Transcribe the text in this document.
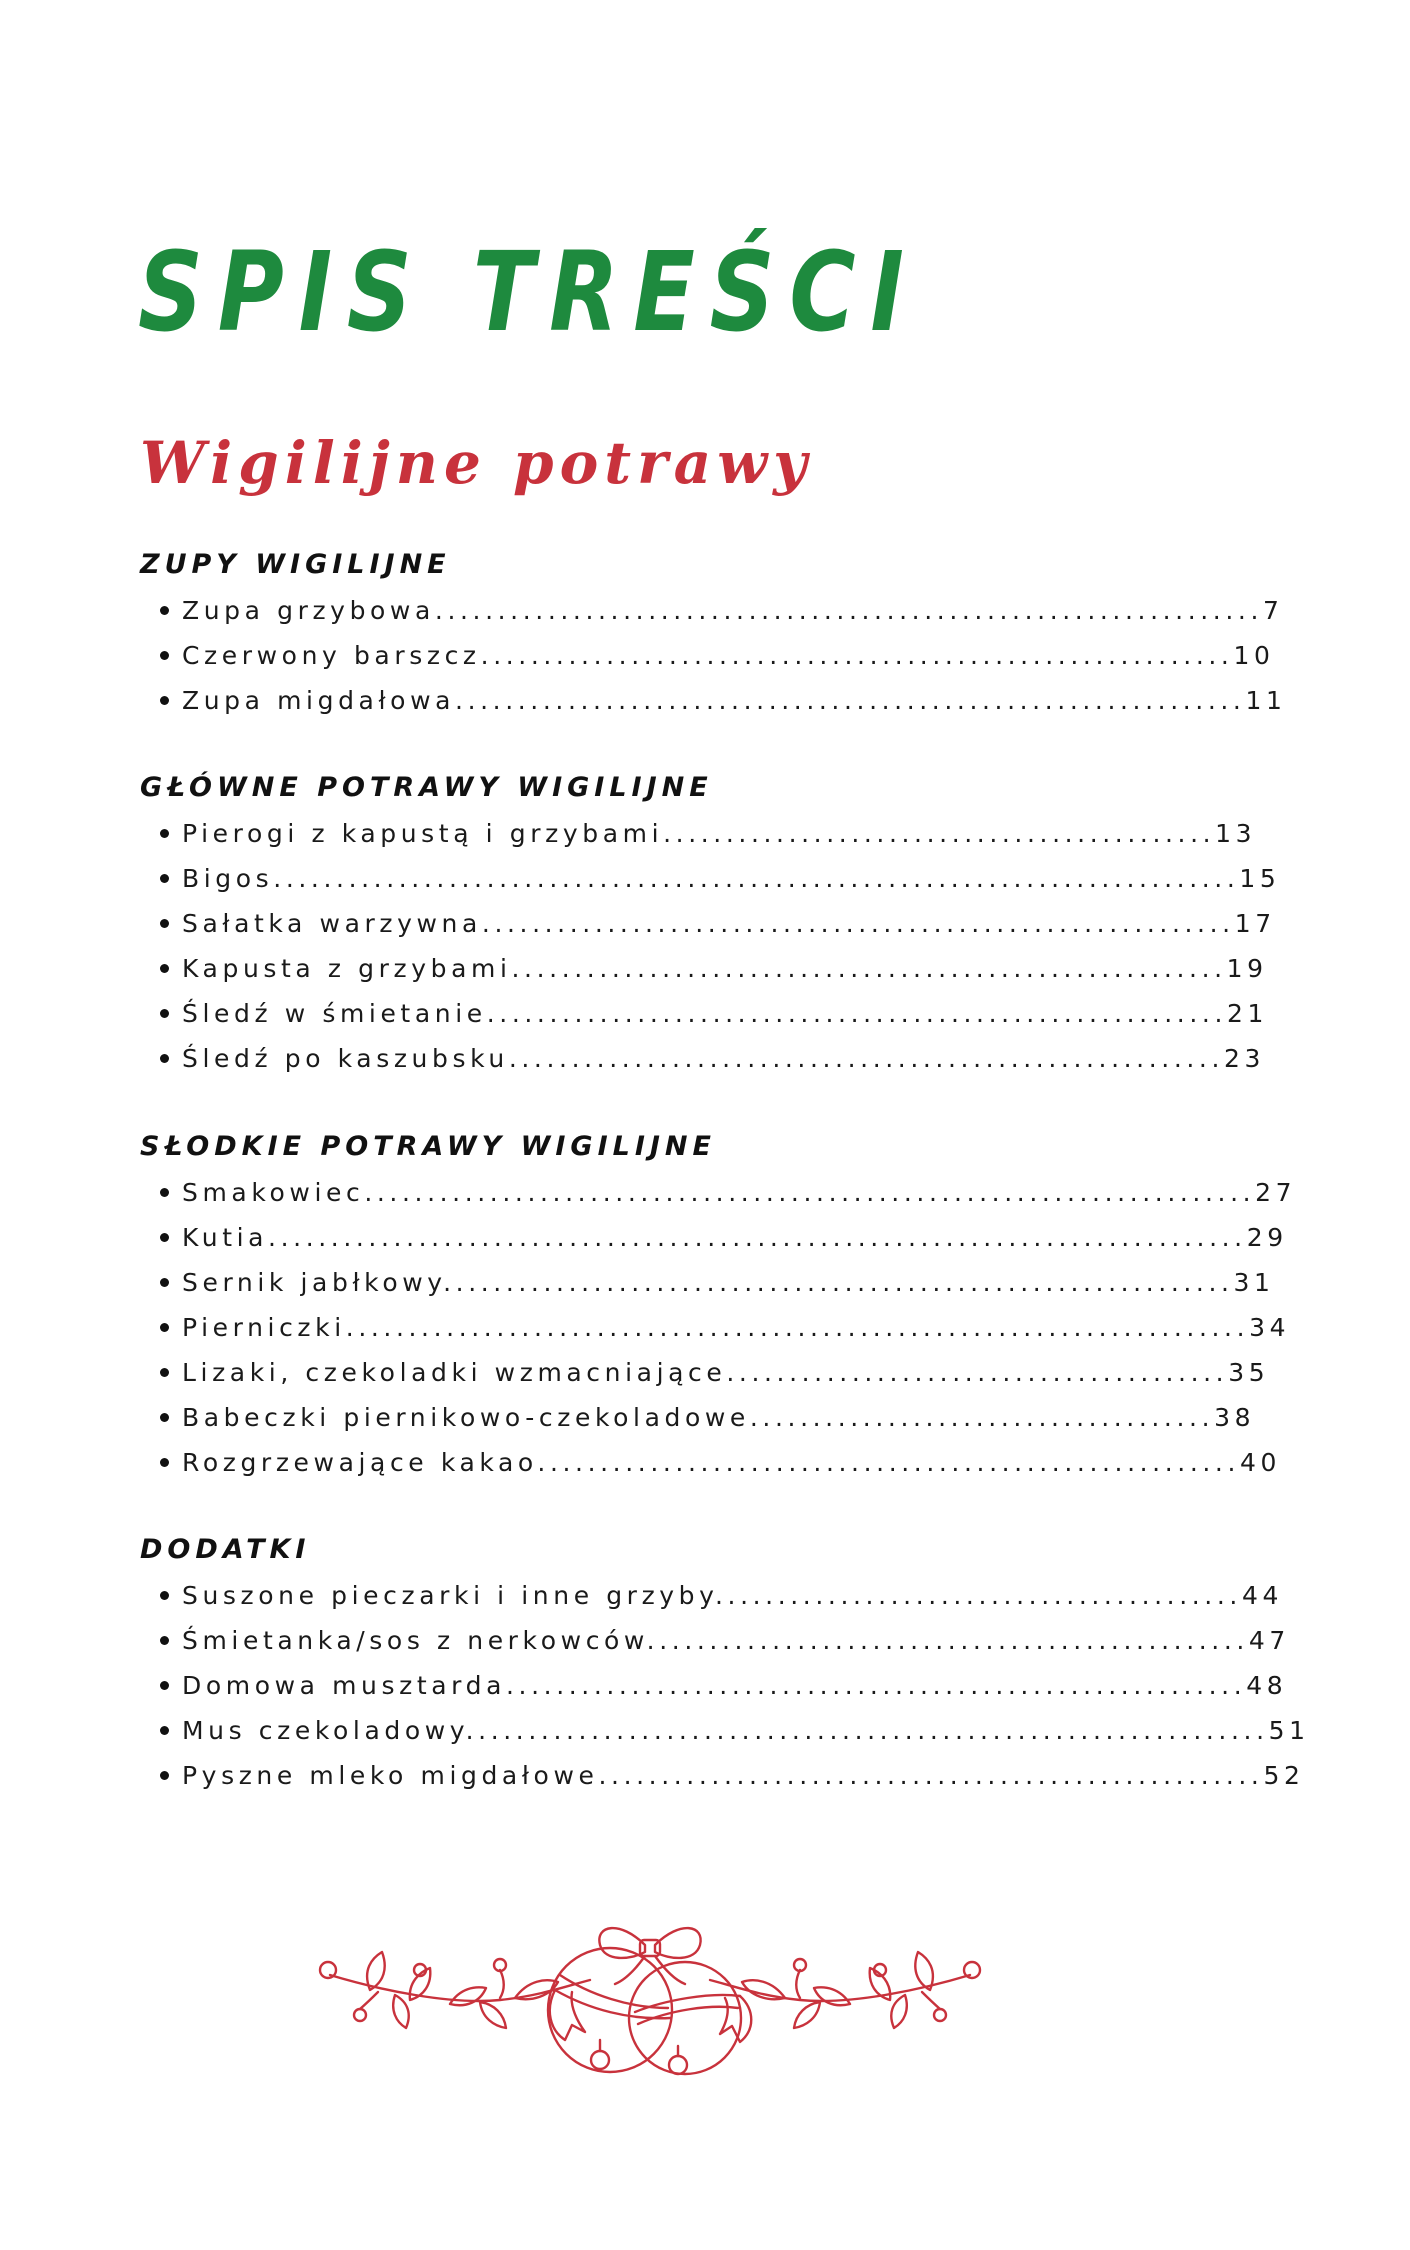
SPIS TREŚCI
Wigilijne potrawy
ZUPY WIGILIJNE
Zupa grzybowa..................................................................7
Czerwony barszcz............................................................10
Zupa migdałowa...............................................................11
GŁÓWNE POTRAWY WIGILIJNE
Pierogi z kapustą i grzybami............................................13
Bigos.............................................................................15
Sałatka warzywna............................................................17
Kapusta z grzybami.........................................................19
Śledź w śmietanie...........................................................21
Śledź po kaszubsku.........................................................23
SŁODKIE POTRAWY WIGILIJNE
Smakowiec.......................................................................27
Kutia..............................................................................29
Sernik jabłkowy...............................................................31
Pierniczki........................................................................34
Lizaki, czekoladki wzmacniające........................................35
Babeczki piernikowo-czekoladowe.....................................38
Rozgrzewające kakao........................................................40
DODATKI
Suszone pieczarki i inne grzyby..........................................44
Śmietanka/sos z nerkowców................................................47
Domowa musztarda...........................................................48
Mus czekoladowy................................................................51
Pyszne mleko migdałowe.....................................................52
